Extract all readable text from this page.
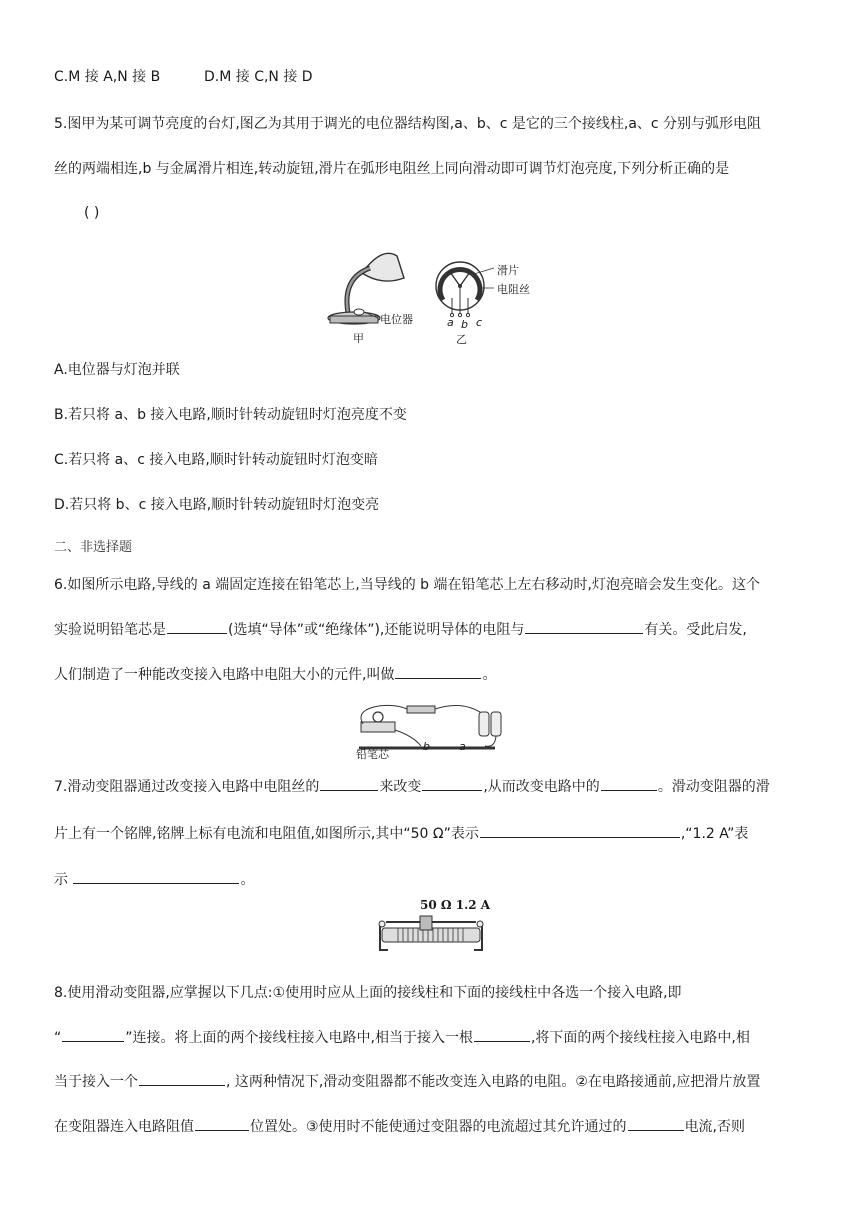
C.M 接 A,N 接 B	D.M 接 C,N 接 D
5.图甲为某可调节亮度的台灯,图乙为其用于调光的电位器结构图,a、b、c 是它的三个接线柱,a、c 分别与弧形电阻
丝的两端相连,b 与金属滑片相连,转动旋钮,滑片在弧形电阻丝上同向滑动即可调节灯泡亮度,下列分析正确的是
( )
电位器
甲
滑片
电阻丝
a b c
乙
A.电位器与灯泡并联
B.若只将 a、b 接入电路,顺时针转动旋钮时灯泡亮度不变
C.若只将 a、c 接入电路,顺时针转动旋钮时灯泡变暗
D.若只将 b、c 接入电路,顺时针转动旋钮时灯泡变亮
二、非选择题
6.如图所示电路,导线的 a 端固定连接在铅笔芯上,当导线的 b 端在铅笔芯上左右移动时,灯泡亮暗会发生变化。这个
实验说明铅笔芯是	(选填“导体”或“绝缘体”),还能说明导体的电阻与	有关。受此启发,
人们制造了一种能改变接入电路中电阻大小的元件,叫做	。
铅笔芯
b	a
7.滑动变阻器通过改变接入电路中电阻丝的	来改变	,从而改变电路中的	。滑动变阻器的滑
片上有一个铭牌,铭牌上标有电流和电阻值,如图所示,其中“50 Ω”表示	,“1.2 A”表
示	。
50 Ω 1.2 A
8.使用滑动变阻器,应掌握以下几点:①使用时应从上面的接线柱和下面的接线柱中各选一个接入电路,即
“	”连接。将上面的两个接线柱接入电路中,相当于接入一根	,将下面的两个接线柱接入电路中,相
当于接入一个	, 这两种情况下,滑动变阻器都不能改变连入电路的电阻。②在电路接通前,应把滑片放置
在变阻器连入电路阻值	位置处。③使用时不能使通过变阻器的电流超过其允许通过的	电流,否则
